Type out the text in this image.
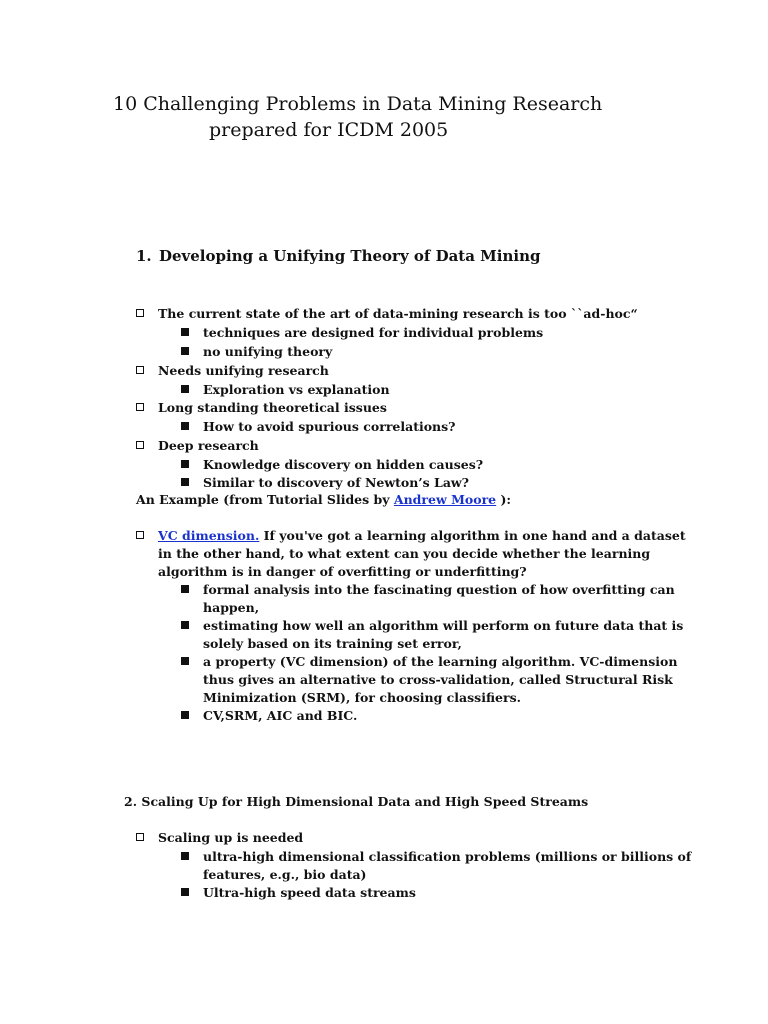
10 Challenging Problems in Data Mining Research
prepared for ICDM 2005
1. Developing a Unifying Theory of Data Mining
The current state of the art of data-mining research is too ``ad-hoc“
techniques are designed for individual problems
no unifying theory
Needs unifying research
Exploration vs explanation
Long standing theoretical issues
How to avoid spurious correlations?
Deep research
Knowledge discovery on hidden causes?
Similar to discovery of Newton’s Law?
An Example (from Tutorial Slides by Andrew Moore ):
VC dimension. If you've got a learning algorithm in one hand and a dataset
in the other hand, to what extent can you decide whether the learning
algorithm is in danger of overfitting or underfitting?
formal analysis into the fascinating question of how overfitting can
happen,
estimating how well an algorithm will perform on future data that is
solely based on its training set error,
a property (VC dimension) of the learning algorithm. VC-dimension
thus gives an alternative to cross-validation, called Structural Risk
Minimization (SRM), for choosing classifiers.
CV,SRM, AIC and BIC.
2. Scaling Up for High Dimensional Data and High Speed Streams
Scaling up is needed
ultra-high dimensional classification problems (millions or billions of
features, e.g., bio data)
Ultra-high speed data streams
